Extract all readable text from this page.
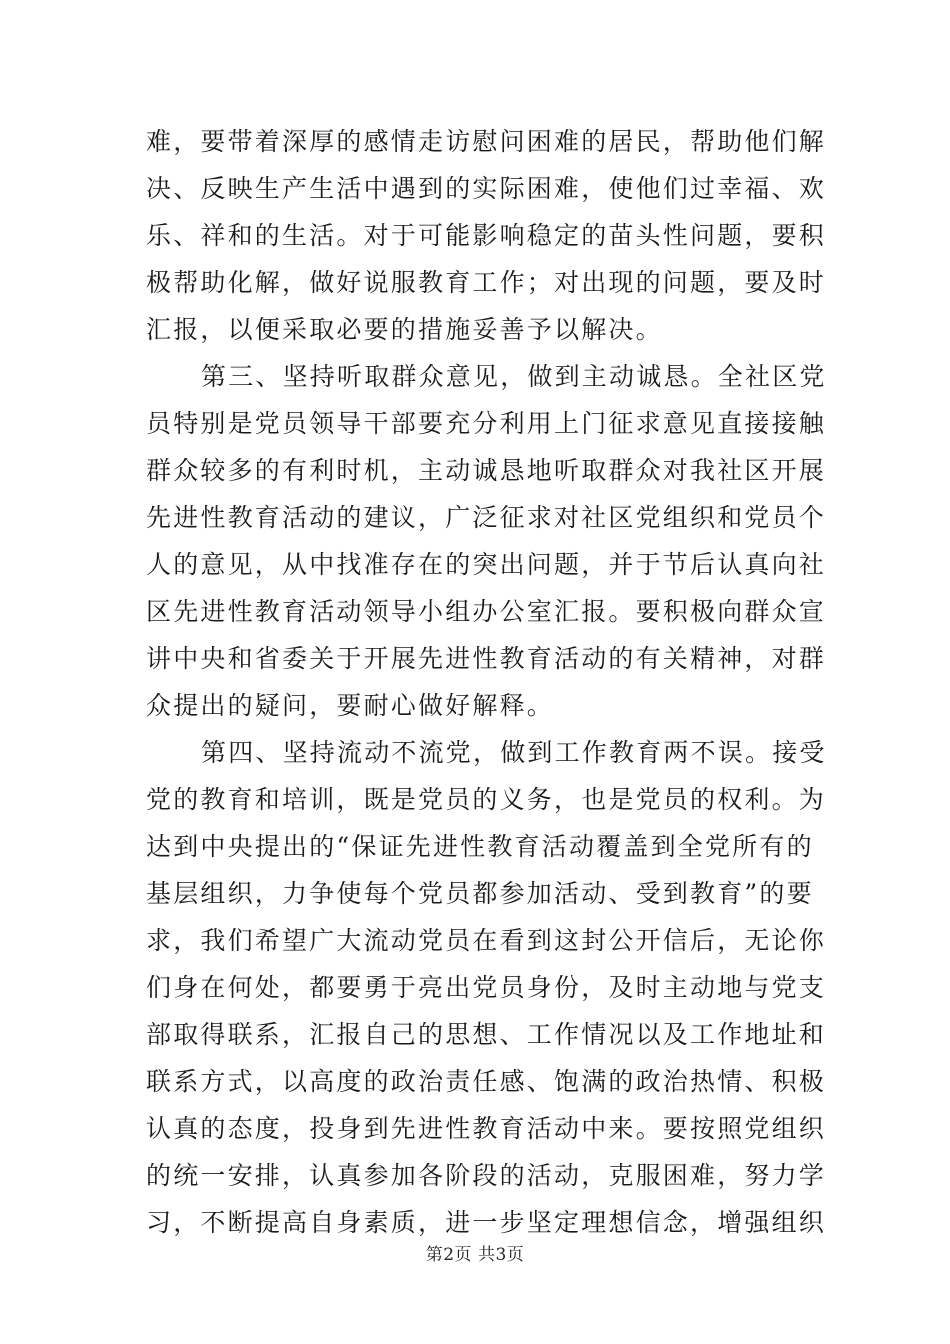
难，要带着深厚的感情走访慰问困难的居民，帮助他们解
决、反映生产生活中遇到的实际困难，使他们过幸福、欢
乐、祥和的生活。对于可能影响稳定的苗头性问题，要积
极帮助化解，做好说服教育工作；对出现的问题，要及时
汇报，以便采取必要的措施妥善予以解决。
第三、坚持听取群众意见，做到主动诚恳。全社区党
员特别是党员领导干部要充分利用上门征求意见直接接触
群众较多的有利时机，主动诚恳地听取群众对我社区开展
先进性教育活动的建议，广泛征求对社区党组织和党员个
人的意见，从中找准存在的突出问题，并于节后认真向社
区先进性教育活动领导小组办公室汇报。要积极向群众宣
讲中央和省委关于开展先进性教育活动的有关精神，对群
众提出的疑问，要耐心做好解释。
第四、坚持流动不流党，做到工作教育两不误。接受
党的教育和培训，既是党员的义务，也是党员的权利。为
达到中央提出的“保证先进性教育活动覆盖到全党所有的
基层组织，力争使每个党员都参加活动、受到教育”的要
求，我们希望广大流动党员在看到这封公开信后，无论你
们身在何处，都要勇于亮出党员身份，及时主动地与党支
部取得联系，汇报自己的思想、工作情况以及工作地址和
联系方式，以高度的政治责任感、饱满的政治热情、积极
认真的态度，投身到先进性教育活动中来。要按照党组织
的统一安排，认真参加各阶段的活动，克服困难，努力学
习，不断提高自身素质，进一步坚定理想信念，增强组织
第2页 共3页
